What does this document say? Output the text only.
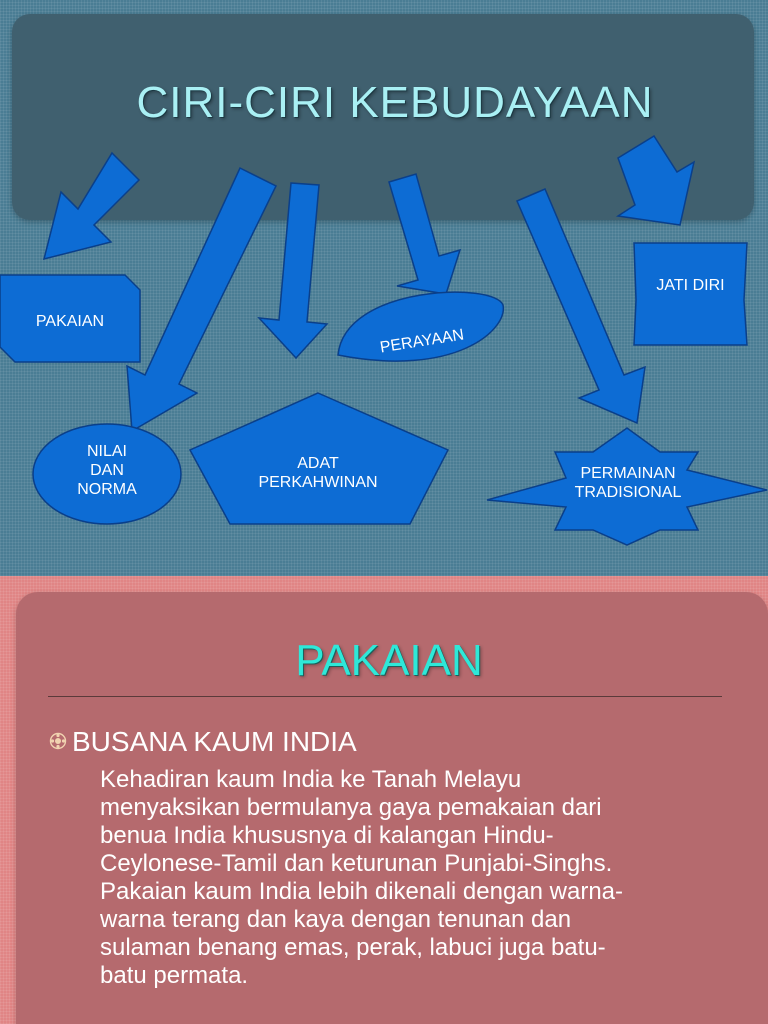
CIRI-CIRI KEBUDAYAAN
PAKAIAN
NILAI
DAN
NORMA
ADAT
PERKAHWINAN
PERAYAAN
JATI DIRI
PERMAINAN
TRADISIONAL
PAKAIAN
BUSANA KAUM INDIA
Kehadiran kaum India ke Tanah Melayu
menyaksikan bermulanya gaya pemakaian dari
benua India khususnya di kalangan Hindu-
Ceylonese-Tamil dan keturunan Punjabi-Singhs.
Pakaian kaum India lebih dikenali dengan warna-
warna terang dan kaya dengan tenunan dan
sulaman benang emas, perak, labuci juga batu-
batu permata.
